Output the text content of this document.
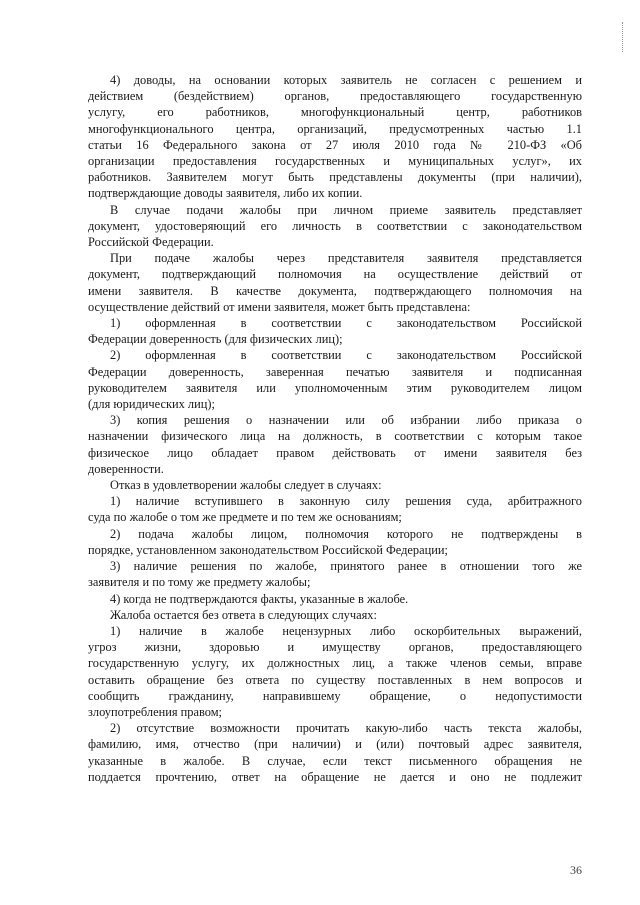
4) доводы, на основании которых заявитель не согласен с решением и
действием (бездействием) органов, предоставляющего государственную
услугу, его работников, многофункциональный центр, работников
многофункционального центра, организаций, предусмотренных частью 1.1
статьи 16 Федерального закона от 27 июля 2010 года № 210-ФЗ «Об
организации предоставления государственных и муниципальных услуг», их
работников. Заявителем могут быть представлены документы (при наличии),
подтверждающие доводы заявителя, либо их копии.
В случае подачи жалобы при личном приеме заявитель представляет
документ, удостоверяющий его личность в соответствии с законодательством
Российской Федерации.
При подаче жалобы через представителя заявителя представляется
документ, подтверждающий полномочия на осуществление действий от
имени заявителя. В качестве документа, подтверждающего полномочия на
осуществление действий от имени заявителя, может быть представлена:
1) оформленная в соответствии с законодательством Российской
Федерации доверенность (для физических лиц);
2) оформленная в соответствии с законодательством Российской
Федерации доверенность, заверенная печатью заявителя и подписанная
руководителем заявителя или уполномоченным этим руководителем лицом
(для юридических лиц);
3) копия решения о назначении или об избрании либо приказа о
назначении физического лица на должность, в соответствии с которым такое
физическое лицо обладает правом действовать от имени заявителя без
доверенности.
Отказ в удовлетворении жалобы следует в случаях:
1) наличие вступившего в законную силу решения суда, арбитражного
суда по жалобе о том же предмете и по тем же основаниям;
2) подача жалобы лицом, полномочия которого не подтверждены в
порядке, установленном законодательством Российской Федерации;
3) наличие решения по жалобе, принятого ранее в отношении того же
заявителя и по тому же предмету жалобы;
4) когда не подтверждаются факты, указанные в жалобе.
Жалоба остается без ответа в следующих случаях:
1) наличие в жалобе нецензурных либо оскорбительных выражений,
угроз жизни, здоровью и имуществу органов, предоставляющего
государственную услугу, их должностных лиц, а также членов семьи, вправе
оставить обращение без ответа по существу поставленных в нем вопросов и
сообщить гражданину, направившему обращение, о недопустимости
злоупотребления правом;
2) отсутствие возможности прочитать какую-либо часть текста жалобы,
фамилию, имя, отчество (при наличии) и (или) почтовый адрес заявителя,
указанные в жалобе. В случае, если текст письменного обращения не
поддается прочтению, ответ на обращение не дается и оно не подлежит
36
